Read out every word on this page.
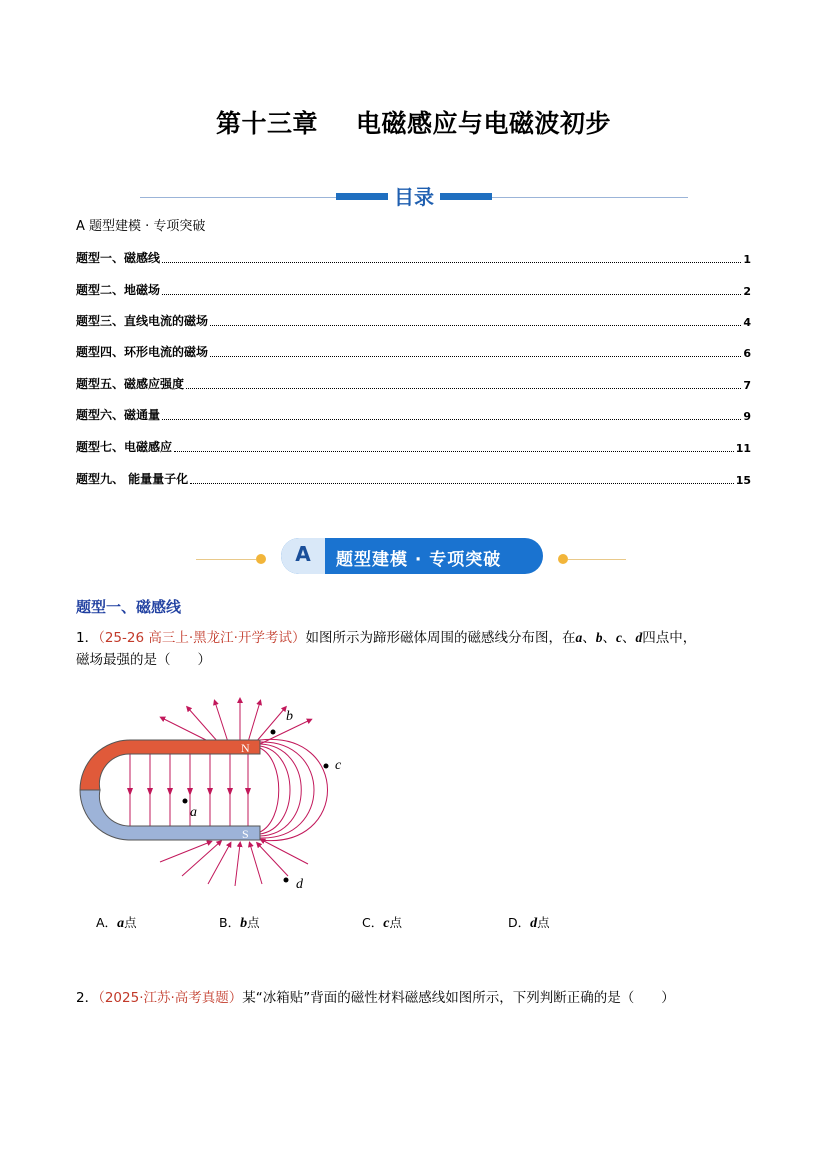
第十三章 电磁感应与电磁波初步
目录
A 题型建模 · 专项突破
题型一、磁感线	1
题型二、地磁场	2
题型三、直线电流的磁场	4
题型四、环形电流的磁场	6
题型五、磁感应强度	7
题型六、磁通量	9
题型七、电磁感应	11
题型九、 能量量子化	15
A	题型建模 · 专项突破
题型一、磁感线
1．（25-26 高三上·黑龙江·开学考试）如图所示为蹄形磁体周围的磁感线分布图，在a、b、c、d四点中，
磁场最强的是（　　）
N
S
a
b
c
d
A．a点	B．b点	C．c点	D．d点
2．（2025·江苏·高考真题）某“冰箱贴”背面的磁性材料磁感线如图所示，下列判断正确的是（　　）
